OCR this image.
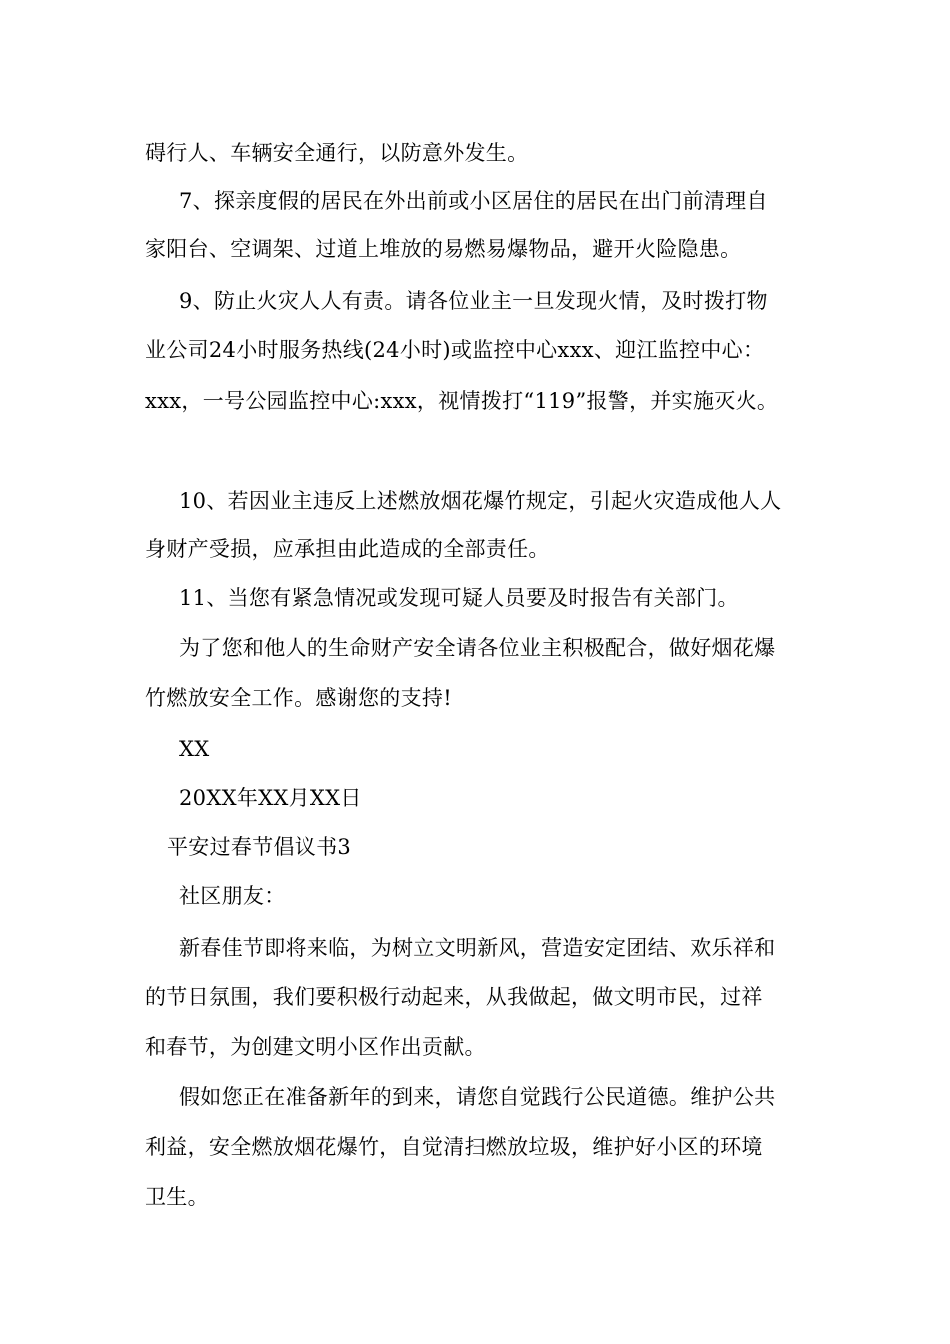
碍行人、车辆安全通行，以防意外发生。

7、探亲度假的居民在外出前或小区居住的居民在出门前清理自

家阳台、空调架、过道上堆放的易燃易爆物品，避开火险隐患。

9、防止火灾人人有责。请各位业主一旦发现火情，及时拨打物

业公司24小时服务热线(24小时)或监控中心xxx、迎江监控中心：

xxx，一号公园监控中心:xxx，视情拨打“119”报警，并实施灭火。

10、若因业主违反上述燃放烟花爆竹规定，引起火灾造成他人人

身财产受损，应承担由此造成的全部责任。

11、当您有紧急情况或发现可疑人员要及时报告有关部门。

为了您和他人的生命财产安全请各位业主积极配合，做好烟花爆

竹燃放安全工作。感谢您的支持!

XX

20XX年XX月XX日

平安过春节倡议书3

社区朋友：

新春佳节即将来临，为树立文明新风，营造安定团结、欢乐祥和

的节日氛围，我们要积极行动起来，从我做起，做文明市民，过祥

和春节，为创建文明小区作出贡献。

假如您正在准备新年的到来，请您自觉践行公民道德。维护公共

利益，安全燃放烟花爆竹，自觉清扫燃放垃圾，维护好小区的环境

卫生。
